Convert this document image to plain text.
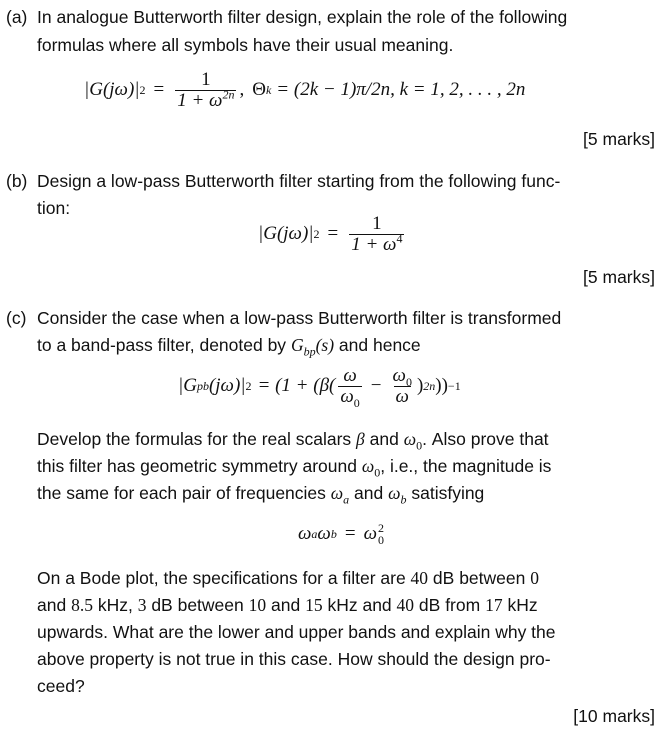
(a) In analogue Butterworth filter design, explain the role of the following
formulas where all symbols have their usual meaning.
|G(jω)| $2 = \frac{1}{1 + \omega^{2n}}$ , Θ k = (2k − 1)π/2n, k = 1, 2, . . . , 2n
[5 marks]
(b) Design a low-pass Butterworth filter starting from the following func-
tion:
|G(jω)| $2 = \frac{1}{1 + \omega^4}$
[5 marks]
(c) Consider the case when a low-pass Butterworth filter is transformed
to a band-pass filter, denoted by $G_{bp}(s)$ and hence
|G pb (jω)| $2 = (1 + (\beta( \frac{\omega}{\omega_0} - \frac{\omega_0}{\omega}$ ) 2n )) −1
Develop the formulas for the real scalars β and $\omega_0$. Also prove that
this filter has geometric symmetry around $\omega_0$, i.e., the magnitude is
the same for each pair of frequencies $\omega_a$ and $\omega_b$ satisfying
ω a ω b = ω 2
0
On a Bode plot, the specifications for a filter are 40 dB between 0
and 8.5 kHz, 3 dB between 10 and 15 kHz and 40 dB from 17 kHz
upwards. What are the lower and upper bands and explain why the
above property is not true in this case. How should the design pro-
ceed?
[10 marks]
